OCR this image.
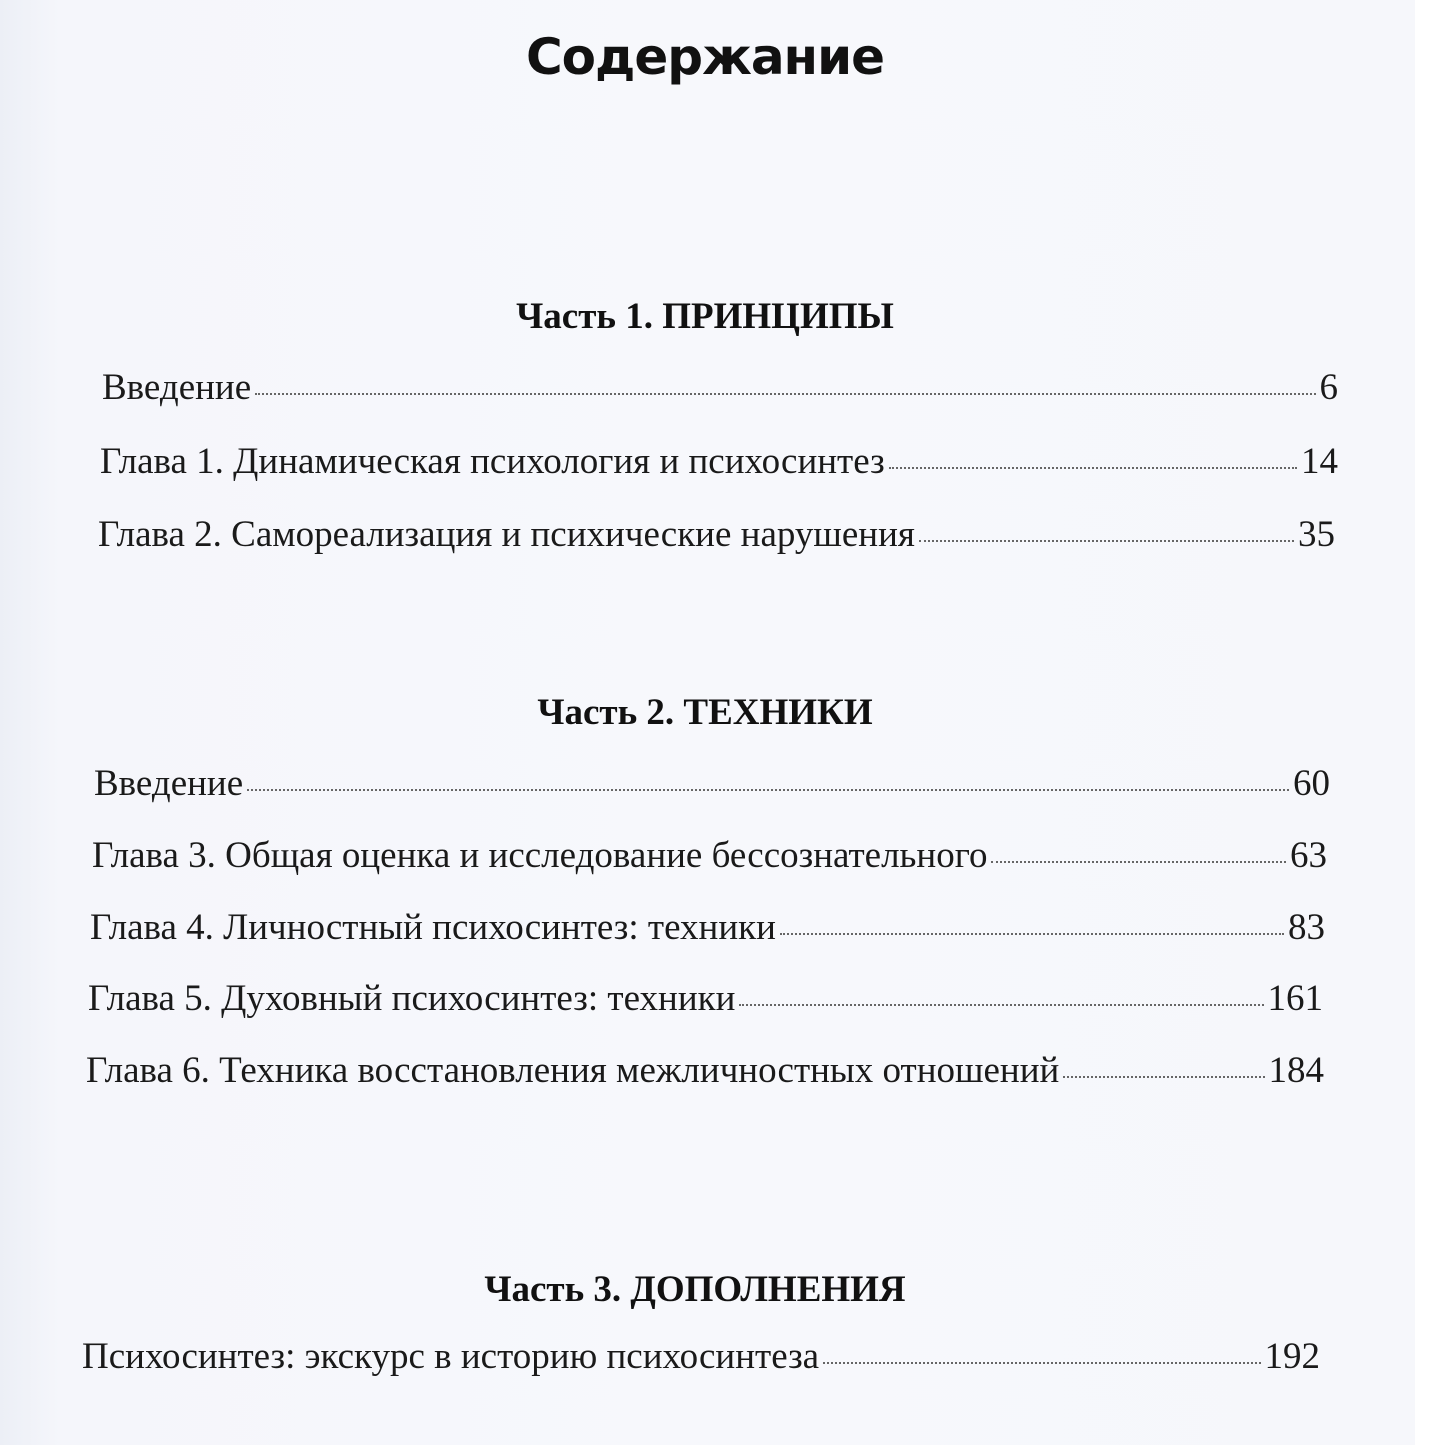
Содержание
Часть 1. ПРИНЦИПЫ
Введение	6
Глава 1. Динамическая психология и психосинтез	14
Глава 2. Самореализация и психические нарушения	35
Часть 2. ТЕХНИКИ
Введение	60
Глава 3. Общая оценка и исследование бессознательного	63
Глава 4. Личностный психосинтез: техники	83
Глава 5. Духовный психосинтез: техники	161
Глава 6. Техника восстановления межличностных отношений	184
Часть 3. ДОПОЛНЕНИЯ
Психосинтез: экскурс в историю психосинтеза	192
